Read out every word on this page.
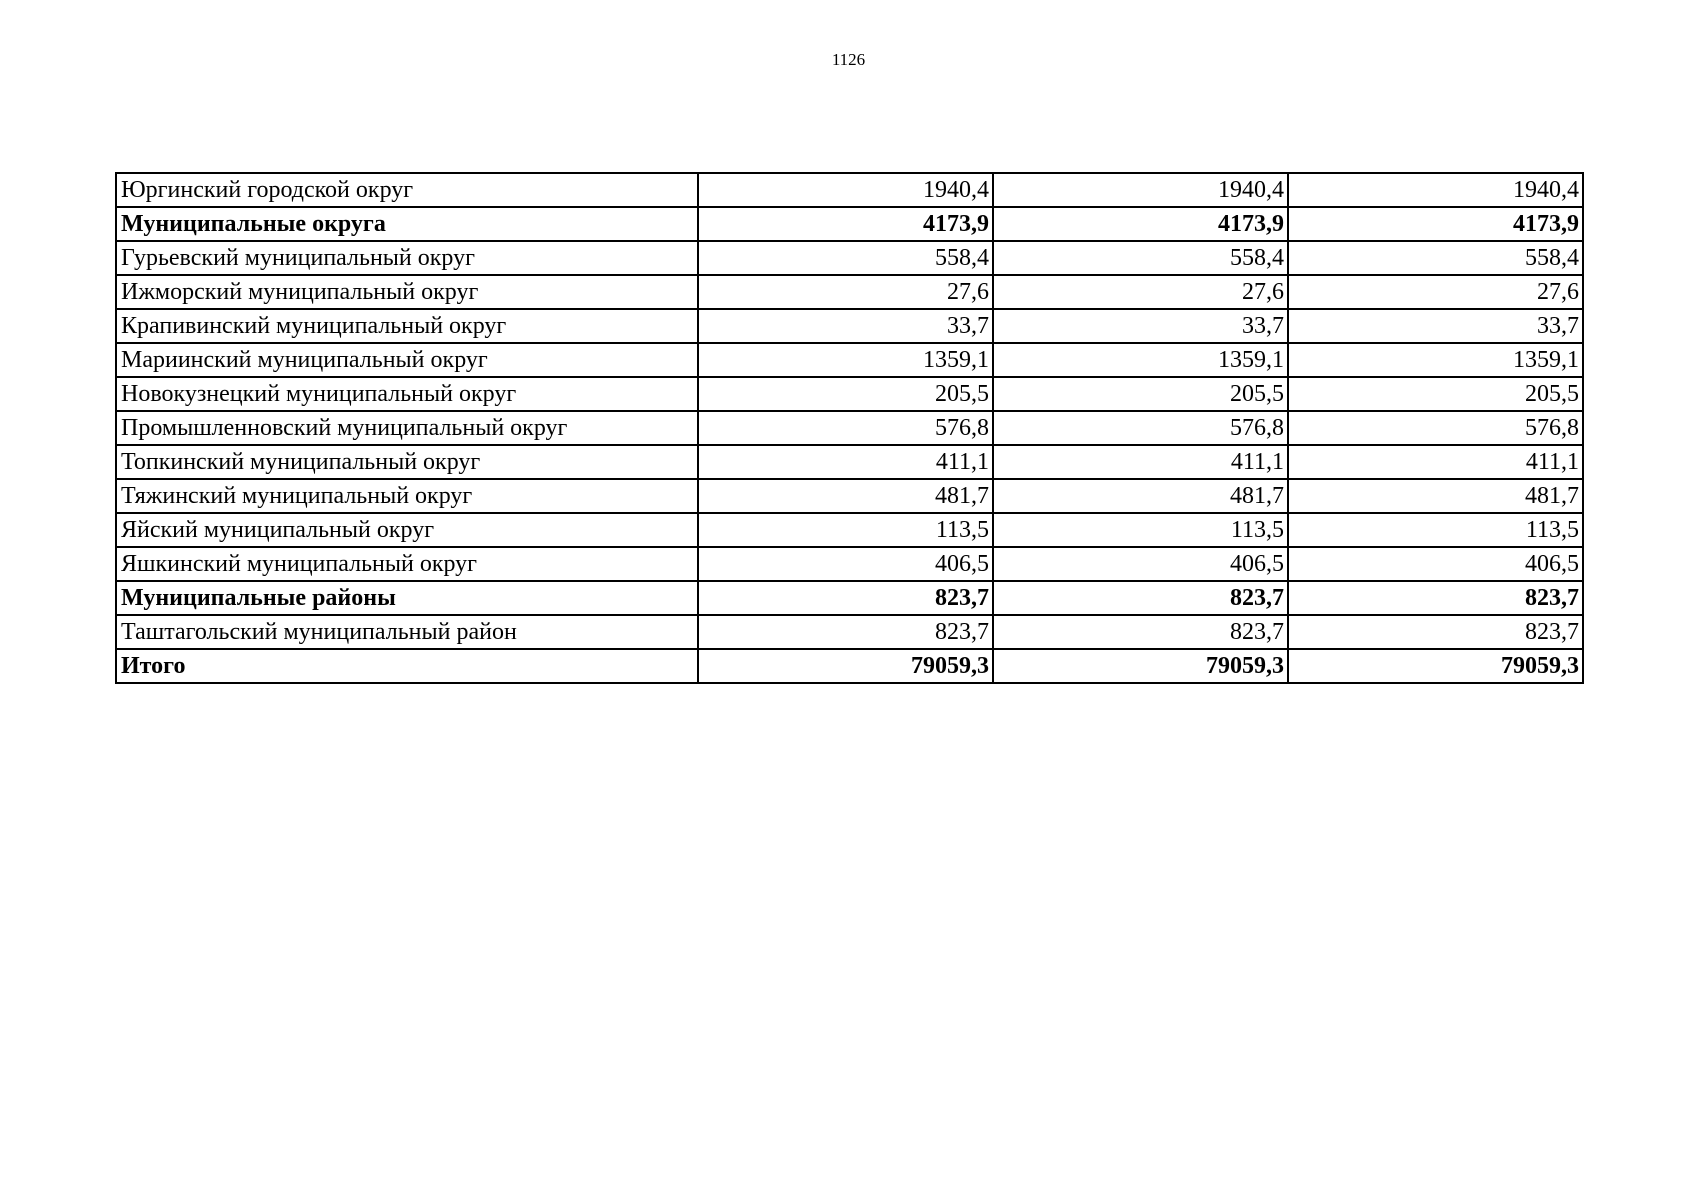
1126
Юргинский городской округ	1940,4	1940,4	1940,4
Муниципальные округа	4173,9	4173,9	4173,9
Гурьевский муниципальный округ	558,4	558,4	558,4
Ижморский муниципальный округ	27,6	27,6	27,6
Крапивинский муниципальный округ	33,7	33,7	33,7
Мариинский муниципальный округ	1359,1	1359,1	1359,1
Новокузнецкий муниципальный округ	205,5	205,5	205,5
Промышленновский муниципальный округ	576,8	576,8	576,8
Топкинский муниципальный округ	411,1	411,1	411,1
Тяжинский муниципальный округ	481,7	481,7	481,7
Яйский муниципальный округ	113,5	113,5	113,5
Яшкинский муниципальный округ	406,5	406,5	406,5
Муниципальные районы	823,7	823,7	823,7
Таштагольский муниципальный район	823,7	823,7	823,7
Итого	79059,3	79059,3	79059,3
